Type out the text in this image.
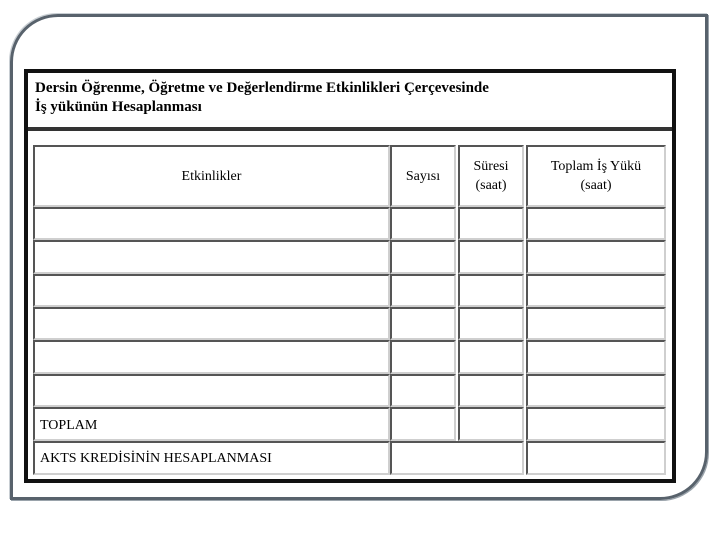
Dersin Öğrenme, Öğretme ve Değerlendirme Etkinlikleri Çerçevesinde
İş yükünün Hesaplanması
Etkinlikler	Sayısı
Süresi
(saat)
Toplam İş Yükü
(saat)
TOPLAM
AKTS KREDİSİNİN HESAPLANMASI
